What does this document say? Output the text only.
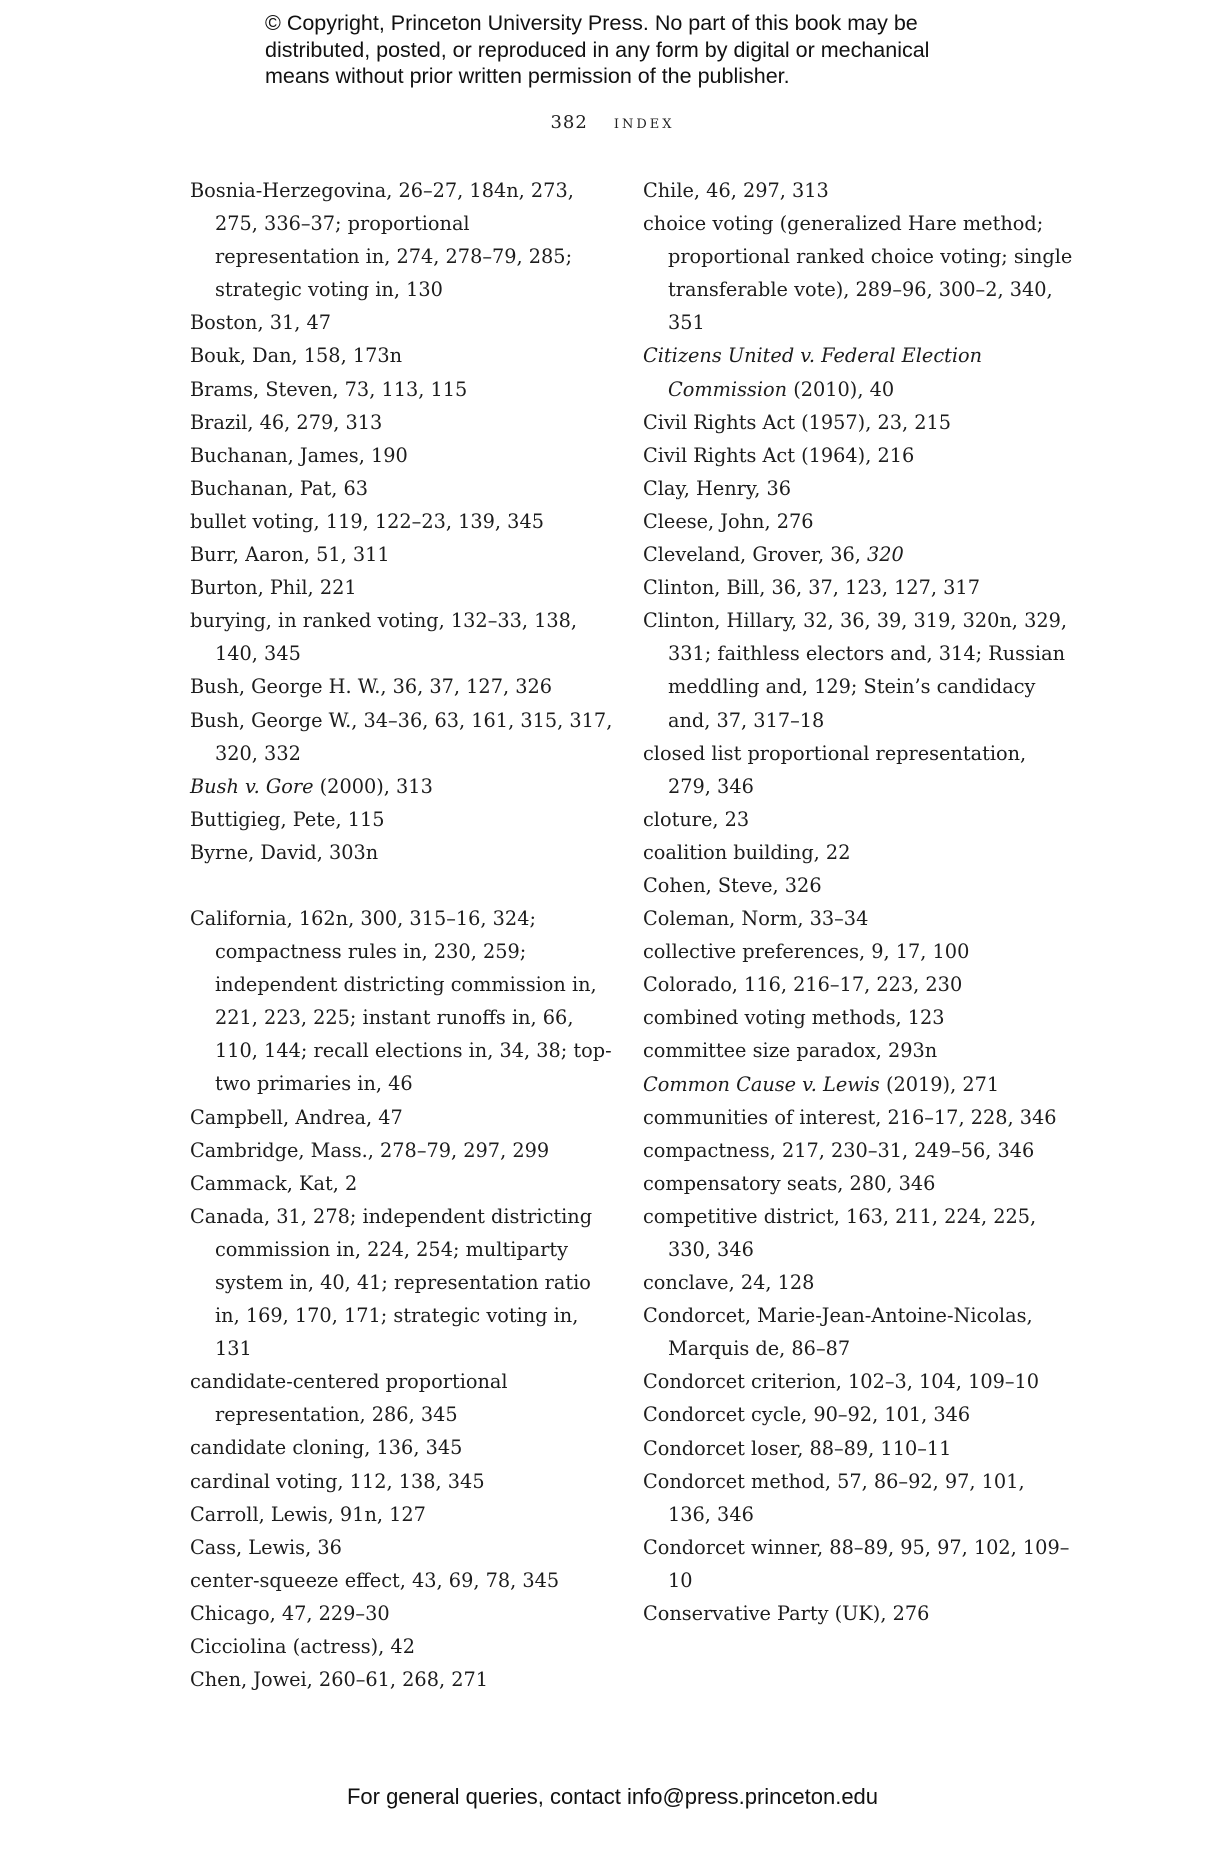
© Copyright, Princeton University Press. No part of this book may be distributed, posted, or reproduced in any form by digital or mechanical means without prior written permission of the publisher.
382 index

Bosnia-Herzegovina, 26–27, 184n, 273, 275, 336–37; proportional representation in, 274, 278–79, 285; strategic voting in, 130

Boston, 31, 47

Bouk, Dan, 158, 173n

Brams, Steven, 73, 113, 115

Brazil, 46, 279, 313

Buchanan, James, 190

Buchanan, Pat, 63

bullet voting, 119, 122–23, 139, 345

Burr, Aaron, 51, 311

Burton, Phil, 221

burying, in ranked voting, 132–33, 138, 140, 345

Bush, George H. W., 36, 37, 127, 326

Bush, George W., 34–36, 63, 161, 315, 317, 320, 332

Bush v. Gore (2000), 313

Buttigieg, Pete, 115

Byrne, David, 303n

California, 162n, 300, 315–16, 324; compactness rules in, 230, 259; independent districting commission in, 221, 223, 225; instant runoffs in, 66, 110, 144; recall elections in, 34, 38; top-two primaries in, 46

Campbell, Andrea, 47

Cambridge, Mass., 278–79, 297, 299

Cammack, Kat, 2

Canada, 31, 278; independent districting commission in, 224, 254; multiparty system in, 40, 41; representation ratio in, 169, 170, 171; strategic voting in, 131

candidate-centered proportional representation, 286, 345

candidate cloning, 136, 345

cardinal voting, 112, 138, 345

Carroll, Lewis, 91n, 127

Cass, Lewis, 36

center-squeeze effect, 43, 69, 78, 345

Chicago, 47, 229–30

Cicciolina (actress), 42

Chen, Jowei, 260–61, 268, 271

Chile, 46, 297, 313

choice voting (generalized Hare method; proportional ranked choice voting; single transferable vote), 289–96, 300–2, 340, 351

Citizens United v. Federal Election Commission (2010), 40

Civil Rights Act (1957), 23, 215

Civil Rights Act (1964), 216

Clay, Henry, 36

Cleese, John, 276

Cleveland, Grover, 36, 320

Clinton, Bill, 36, 37, 123, 127, 317

Clinton, Hillary, 32, 36, 39, 319, 320n, 329, 331; faithless electors and, 314; Russian meddling and, 129; Stein’s candidacy and, 37, 317–18

closed list proportional representation, 279, 346

cloture, 23

coalition building, 22

Cohen, Steve, 326

Coleman, Norm, 33–34

collective preferences, 9, 17, 100

Colorado, 116, 216–17, 223, 230

combined voting methods, 123

committee size paradox, 293n

Common Cause v. Lewis (2019), 271

communities of interest, 216–17, 228, 346

compactness, 217, 230–31, 249–56, 346

compensatory seats, 280, 346

competitive district, 163, 211, 224, 225, 330, 346

conclave, 24, 128

Condorcet, Marie-Jean-Antoine-Nicolas, Marquis de, 86–87

Condorcet criterion, 102–3, 104, 109–10

Condorcet cycle, 90–92, 101, 346

Condorcet loser, 88–89, 110–11

Condorcet method, 57, 86–92, 97, 101, 136, 346

Condorcet winner, 88–89, 95, 97, 102, 109–10

Conservative Party (UK), 276

For general queries, contact info@press.princeton.edu
